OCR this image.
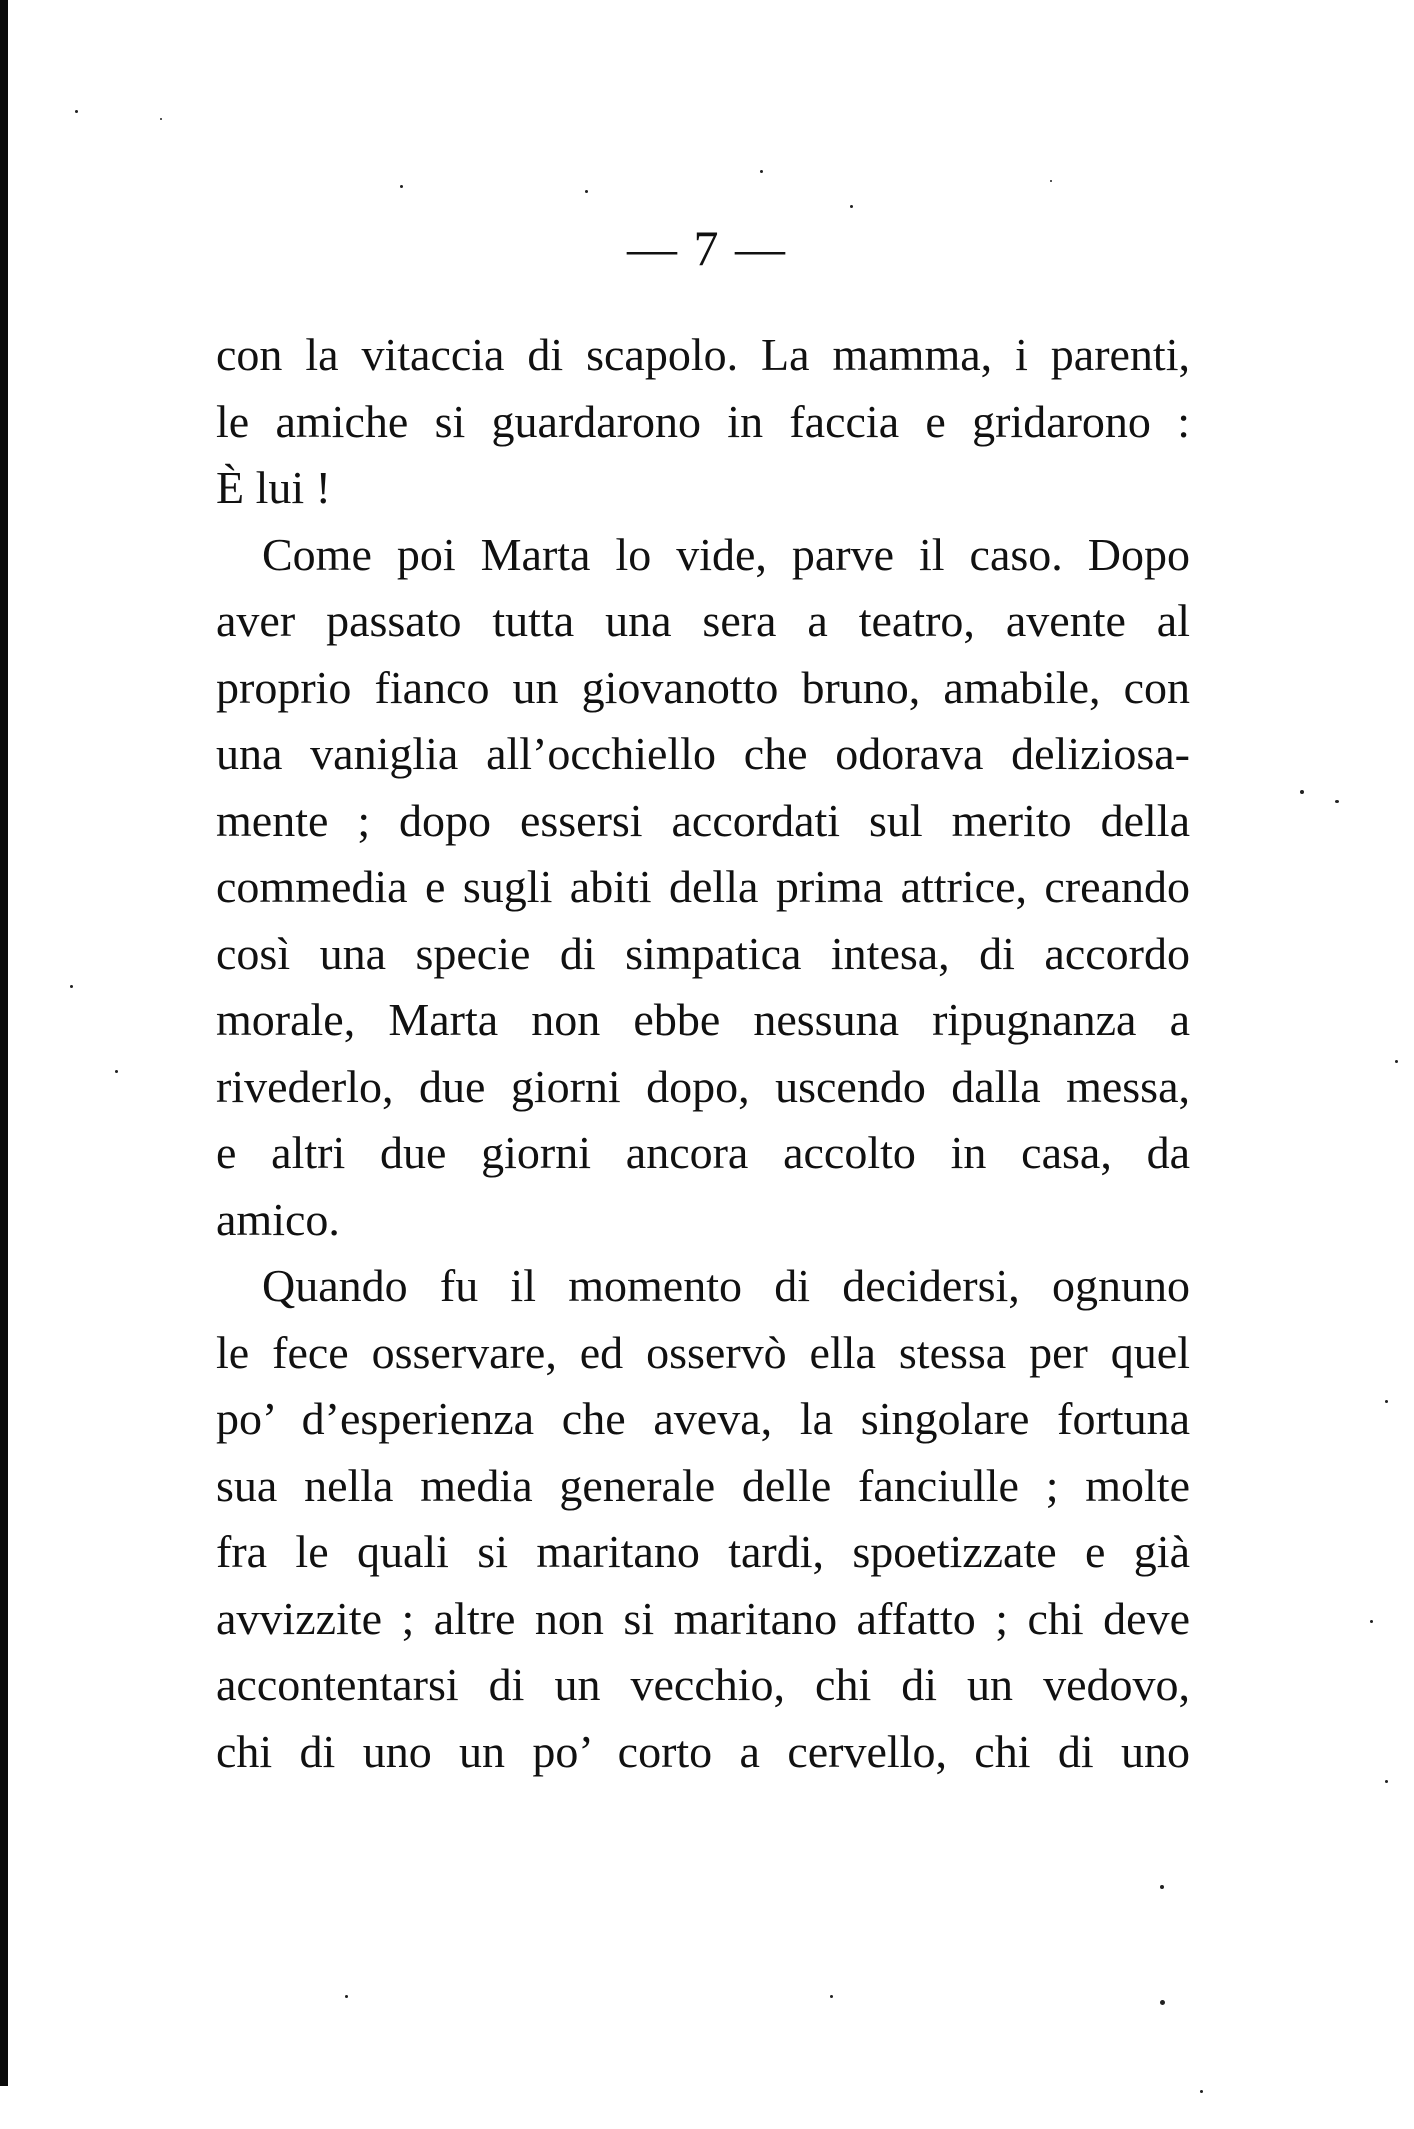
— 7 —
con la vitaccia di scapolo. La mamma, i parenti,
le amiche si guardarono in faccia e gridarono :
È lui !
Come poi Marta lo vide, parve il caso. Dopo
aver passato tutta una sera a teatro, avente al
proprio fianco un giovanotto bruno, amabile, con
una vaniglia all’occhiello che odorava deliziosa-
mente ; dopo essersi accordati sul merito della
commedia e sugli abiti della prima attrice, creando
così una specie di simpatica intesa, di accordo
morale, Marta non ebbe nessuna ripugnanza a
rivederlo, due giorni dopo, uscendo dalla messa,
e altri due giorni ancora accolto in casa, da
amico.
Quando fu il momento di decidersi, ognuno
le fece osservare, ed osservò ella stessa per quel
po’ d’esperienza che aveva, la singolare fortuna
sua nella media generale delle fanciulle ; molte
fra le quali si maritano tardi, spoetizzate e già
avvizzite ; altre non si maritano affatto ; chi deve
accontentarsi di un vecchio, chi di un vedovo,
chi di uno un po’ corto a cervello, chi di uno
